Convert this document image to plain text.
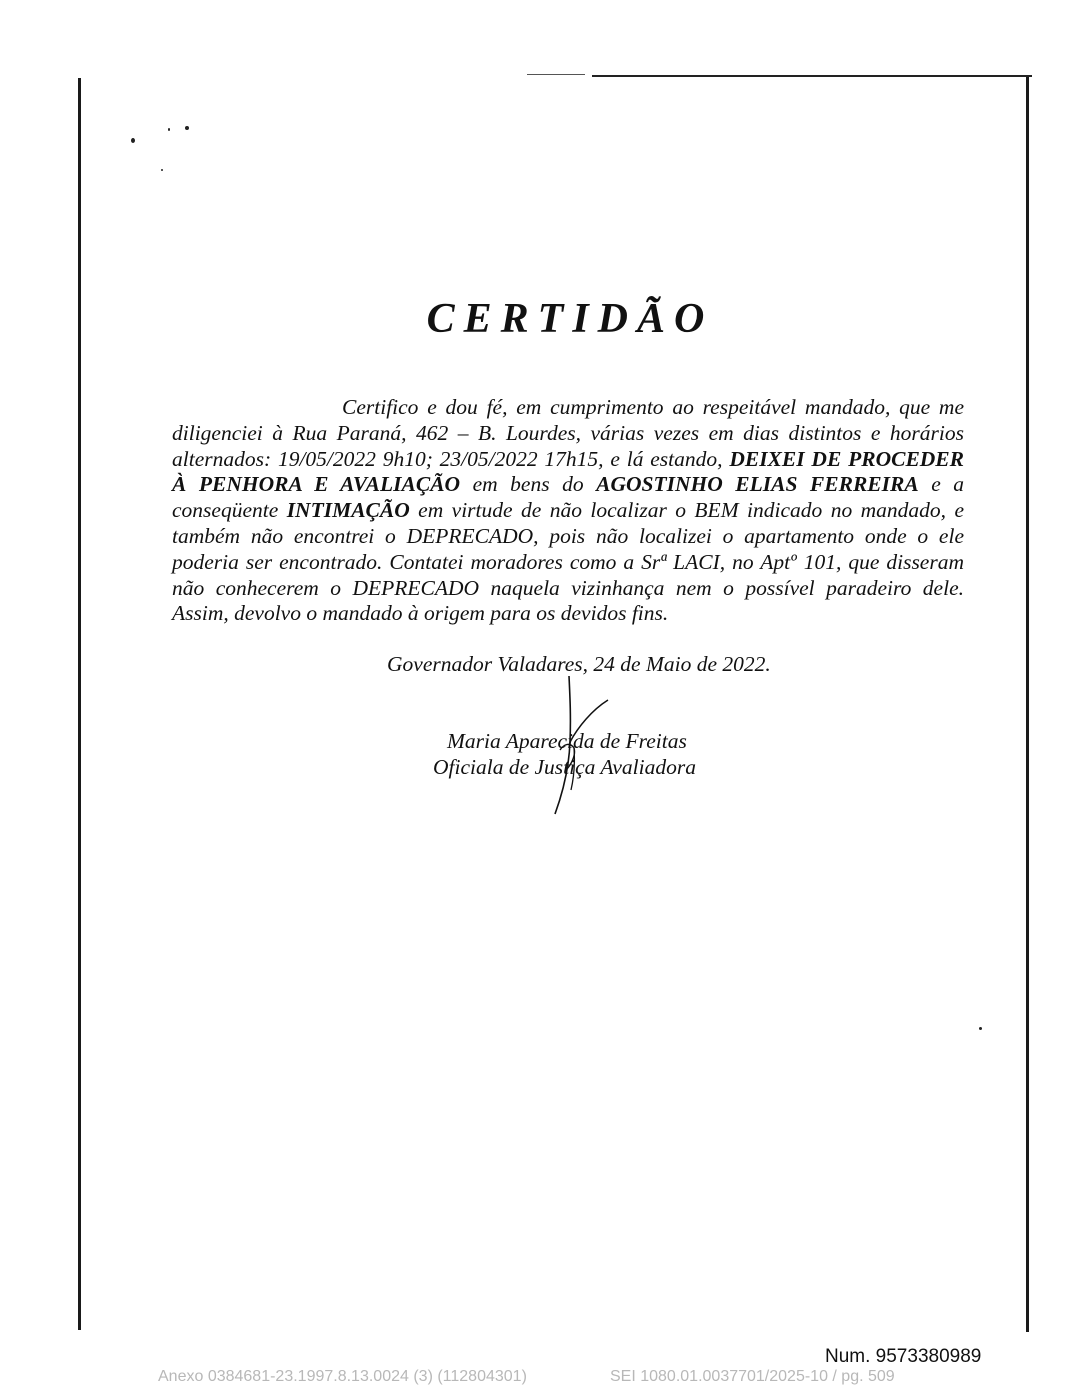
CERTIDÃO
Certifico e dou fé, em cumprimento ao respeitável mandado, que me diligenciei à Rua Paraná, 462 – B. Lourdes, várias vezes em dias distintos e horários alternados: 19/05/2022 9h10; 23/05/2022 17h15, e lá estando, DEIXEI DE PROCEDER À PENHORA E AVALIAÇÃO em bens do AGOSTINHO ELIAS FERREIRA e a conseqüente INTIMAÇÃO em virtude de não localizar o BEM indicado no mandado, e também não encontrei o DEPRECADO, pois não localizei o apartamento onde o ele poderia ser encontrado. Contatei moradores como a Srª LACI, no Aptº 101, que disseram não conhecerem o DEPRECADO naquela vizinhança nem o possível paradeiro dele. Assim, devolvo o mandado à origem para os devidos fins.
Governador Valadares, 24 de Maio de 2022.
Maria Aparecida de Freitas
Oficiala de Justiça Avaliadora
Num. 9573380989
Anexo 0384681-23.1997.8.13.0024 (3) (112804301)	SEI 1080.01.0037701/2025-10 / pg. 509
